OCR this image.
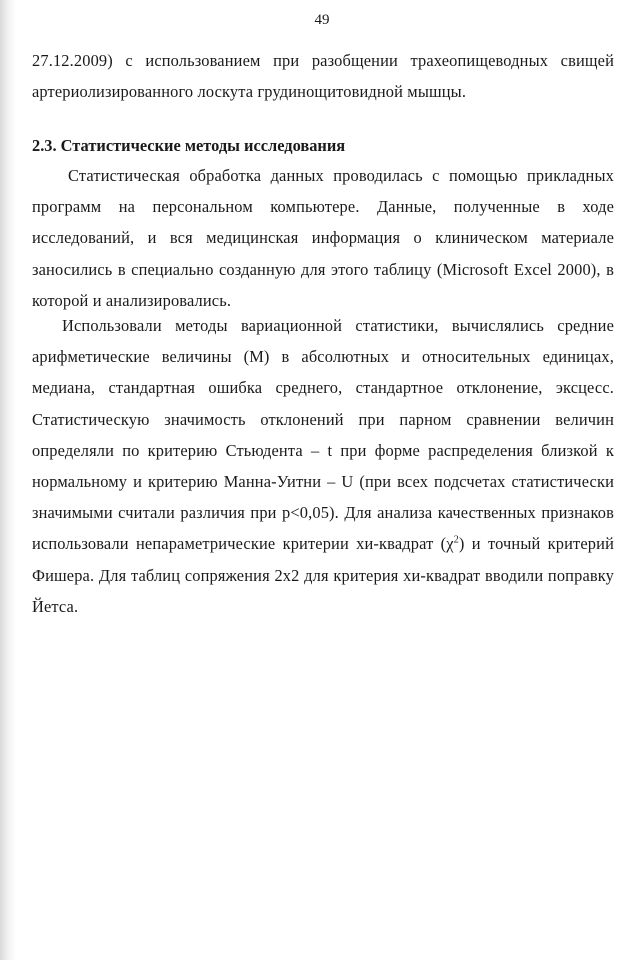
49

27.12.2009) с использованием при разобщении трахеопищеводных свищей артериолизированного лоскута грудинощитовидной мышцы.

2.3. Статистические методы исследования

Статистическая обработка данных проводилась с помощью прикладных программ на персональном компьютере. Данные, полученные в ходе исследований, и вся медицинская информация о клиническом материале заносились в специально созданную для этого таблицу (Microsoft Excel 2000), в которой и анализировались.

Использовали методы вариационной статистики, вычислялись средние арифметические величины (М) в абсолютных и относительных единицах, медиана, стандартная ошибка среднего, стандартное отклонение, эксцесс. Статистическую значимость отклонений при парном сравнении величин определяли по критерию Стьюдента – t при форме распределения близкой к нормальному и критерию Манна-Уитни – U (при всех подсчетах статистически значимыми считали различия при p<0,05). Для анализа качественных признаков использовали непараметрические критерии хи-квадрат $(\chi^2)$ и точный критерий Фишера. Для таблиц сопряжения 2х2 для критерия хи-квадрат вводили поправку Йетса.
